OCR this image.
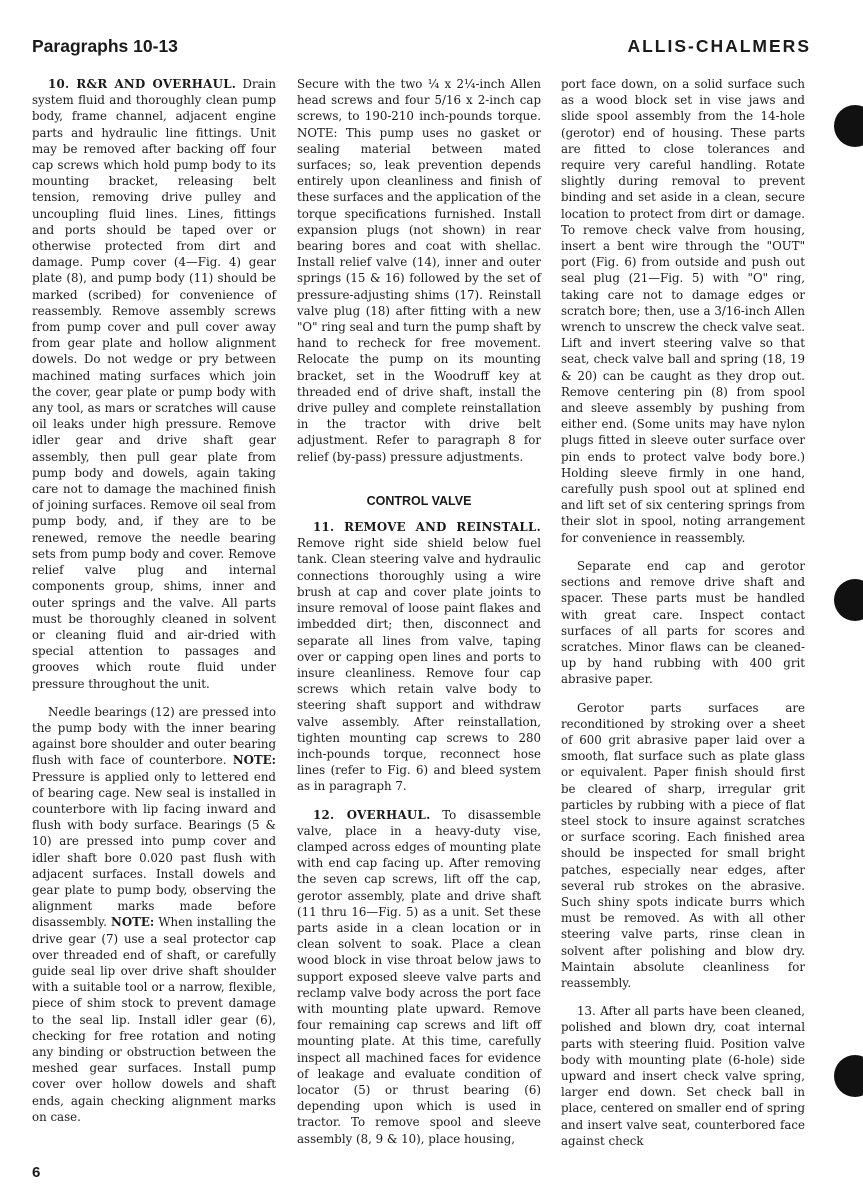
Paragraphs 10-13	ALLIS-CHALMERS

10. R&R AND OVERHAUL. Drain system fluid and thoroughly clean pump body, frame channel, adjacent engine parts and hydraulic line fittings. Unit may be removed after backing off four cap screws which hold pump body to its mounting bracket, releasing belt tension, removing drive pulley and uncoupling fluid lines. Lines, fittings and ports should be taped over or otherwise protected from dirt and damage. Pump cover (4—Fig. 4) gear plate (8), and pump body (11) should be marked (scribed) for convenience of reassembly. Remove assembly screws from pump cover and pull cover away from gear plate and hollow alignment dowels. Do not wedge or pry between machined mating surfaces which join the cover, gear plate or pump body with any tool, as mars or scratches will cause oil leaks under high pressure. Remove idler gear and drive shaft gear assembly, then pull gear plate from pump body and dowels, again taking care not to damage the machined finish of joining surfaces. Remove oil seal from pump body, and, if they are to be renewed, remove the needle bearing sets from pump body and cover. Remove relief valve plug and internal components group, shims, inner and outer springs and the valve. All parts must be thoroughly cleaned in solvent or cleaning fluid and air-dried with special attention to passages and grooves which route fluid under pressure throughout the unit.

Needle bearings (12) are pressed into the pump body with the inner bearing against bore shoulder and outer bearing flush with face of counterbore. NOTE: Pressure is applied only to lettered end of bearing cage. New seal is installed in counterbore with lip facing inward and flush with body surface. Bearings (5 & 10) are pressed into pump cover and idler shaft bore 0.020 past flush with adjacent surfaces. Install dowels and gear plate to pump body, observing the alignment marks made before disassembly. NOTE: When installing the drive gear (7) use a seal protector cap over threaded end of shaft, or carefully guide seal lip over drive shaft shoulder with a suitable tool or a narrow, flexible, piece of shim stock to prevent damage to the seal lip. Install idler gear (6), checking for free rotation and noting any binding or obstruction between the meshed gear surfaces. Install pump cover over hollow dowels and shaft ends, again checking alignment marks on case.

Secure with the two ¼ x 2¼-inch Allen head screws and four 5/16 x 2-inch cap screws, to 190-210 inch-pounds torque. NOTE: This pump uses no gasket or sealing material between mated surfaces; so, leak prevention depends entirely upon cleanliness and finish of these surfaces and the application of the torque specifications furnished. Install expansion plugs (not shown) in rear bearing bores and coat with shellac. Install relief valve (14), inner and outer springs (15 & 16) followed by the set of pressure-adjusting shims (17). Reinstall valve plug (18) after fitting with a new "O" ring seal and turn the pump shaft by hand to recheck for free movement. Relocate the pump on its mounting bracket, set in the Woodruff key at threaded end of drive shaft, install the drive pulley and complete reinstallation in the tractor with drive belt adjustment. Refer to paragraph 8 for relief (by-pass) pressure adjustments.

CONTROL VALVE

11. REMOVE AND REINSTALL. Remove right side shield below fuel tank. Clean steering valve and hydraulic connections thoroughly using a wire brush at cap and cover plate joints to insure removal of loose paint flakes and imbedded dirt; then, disconnect and separate all lines from valve, taping over or capping open lines and ports to insure cleanliness. Remove four cap screws which retain valve body to steering shaft support and withdraw valve assembly. After reinstallation, tighten mounting cap screws to 280 inch-pounds torque, reconnect hose lines (refer to Fig. 6) and bleed system as in paragraph 7.

12. OVERHAUL. To disassemble valve, place in a heavy-duty vise, clamped across edges of mounting plate with end cap facing up. After removing the seven cap screws, lift off the cap, gerotor assembly, plate and drive shaft (11 thru 16—Fig. 5) as a unit. Set these parts aside in a clean location or in clean solvent to soak. Place a clean wood block in vise throat below jaws to support exposed sleeve valve parts and reclamp valve body across the port face with mounting plate upward. Remove four remaining cap screws and lift off mounting plate. At this time, carefully inspect all machined faces for evidence of leakage and evaluate condition of locator (5) or thrust bearing (6) depending upon which is used in tractor. To remove spool and sleeve assembly (8, 9 & 10), place housing,

port face down, on a solid surface such as a wood block set in vise jaws and slide spool assembly from the 14-hole (gerotor) end of housing. These parts are fitted to close tolerances and require very careful handling. Rotate slightly during removal to prevent binding and set aside in a clean, secure location to protect from dirt or damage. To remove check valve from housing, insert a bent wire through the "OUT" port (Fig. 6) from outside and push out seal plug (21—Fig. 5) with "O" ring, taking care not to damage edges or scratch bore; then, use a 3/16-inch Allen wrench to unscrew the check valve seat. Lift and invert steering valve so that seat, check valve ball and spring (18, 19 & 20) can be caught as they drop out. Remove centering pin (8) from spool and sleeve assembly by pushing from either end. (Some units may have nylon plugs fitted in sleeve outer surface over pin ends to protect valve body bore.) Holding sleeve firmly in one hand, carefully push spool out at splined end and lift set of six centering springs from their slot in spool, noting arrangement for convenience in reassembly.

Separate end cap and gerotor sections and remove drive shaft and spacer. These parts must be handled with great care. Inspect contact surfaces of all parts for scores and scratches. Minor flaws can be cleaned-up by hand rubbing with 400 grit abrasive paper.

Gerotor parts surfaces are reconditioned by stroking over a sheet of 600 grit abrasive paper laid over a smooth, flat surface such as plate glass or equivalent. Paper finish should first be cleared of sharp, irregular grit particles by rubbing with a piece of flat steel stock to insure against scratches or surface scoring. Each finished area should be inspected for small bright patches, especially near edges, after several rub strokes on the abrasive. Such shiny spots indicate burrs which must be removed. As with all other steering valve parts, rinse clean in solvent after polishing and blow dry. Maintain absolute cleanliness for reassembly.

13. After all parts have been cleaned, polished and blown dry, coat internal parts with steering fluid. Position valve body with mounting plate (6-hole) side upward and insert check valve spring, larger end down. Set check ball in place, centered on smaller end of spring and insert valve seat, counterbored face against check

6
